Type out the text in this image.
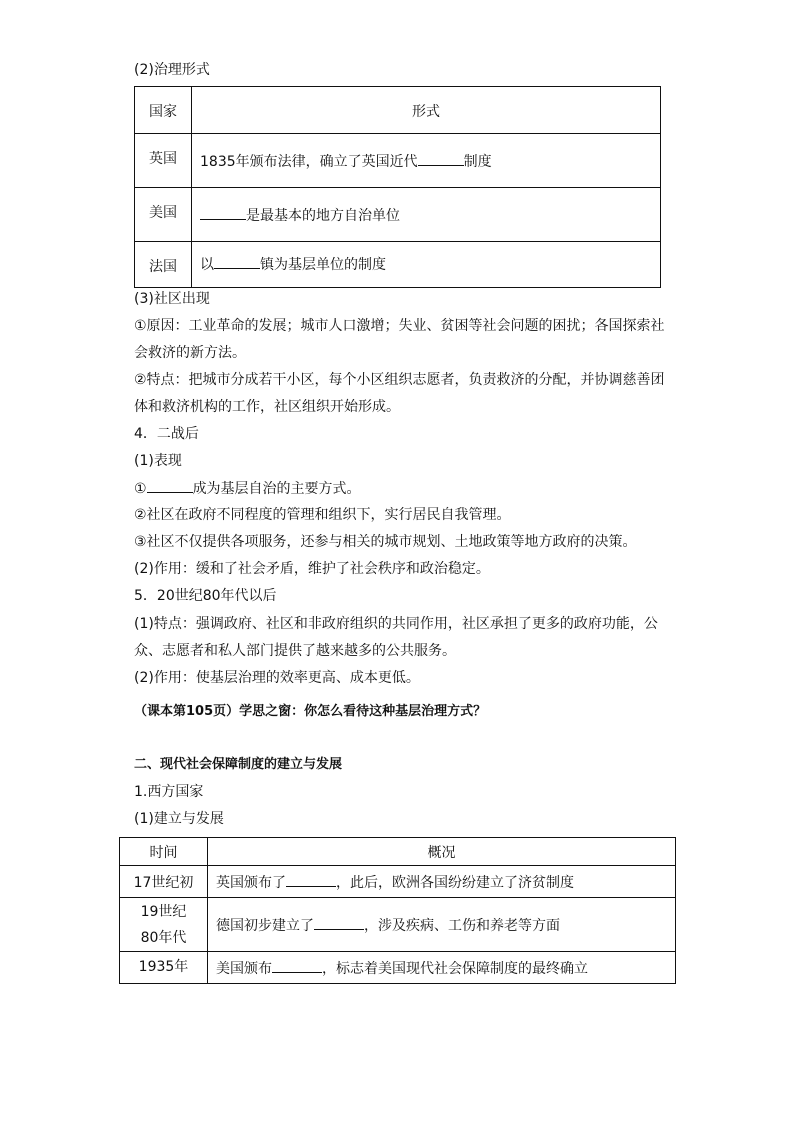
(2)治理形式
国家	形式
英国	1835年颁布法律，确立了英国近代 制度
美国	是最基本的地方自治单位
法国	以 镇为基层单位的制度
(3)社区出现
①原因：工业革命的发展；城市人口激增；失业、贫困等社会问题的困扰；各国探索社
会救济的新方法。
②特点：把城市分成若干小区，每个小区组织志愿者，负责救济的分配，并协调慈善团
体和救济机构的工作，社区组织开始形成。
4．二战后
(1)表现
①	成为基层自治的主要方式。
②社区在政府不同程度的管理和组织下，实行居民自我管理。
③社区不仅提供各项服务，还参与相关的城市规划、土地政策等地方政府的决策。
(2)作用：缓和了社会矛盾，维护了社会秩序和政治稳定。
5．20世纪80年代以后
(1)特点：强调政府、社区和非政府组织的共同作用，社区承担了更多的政府功能，公
众、志愿者和私人部门提供了越来越多的公共服务。
(2)作用：使基层治理的效率更高、成本更低。
（课本第105页）学思之窗：你怎么看待这种基层治理方式？
二、现代社会保障制度的建立与发展
1.西方国家
(1)建立与发展
时间	概况
17世纪初	英国颁布了 ，此后，欧洲各国纷纷建立了济贫制度

19世纪
80年代	德国初步建立了 ，涉及疾病、工伤和养老等方面
1935年	美国颁布 ，标志着美国现代社会保障制度的最终确立
